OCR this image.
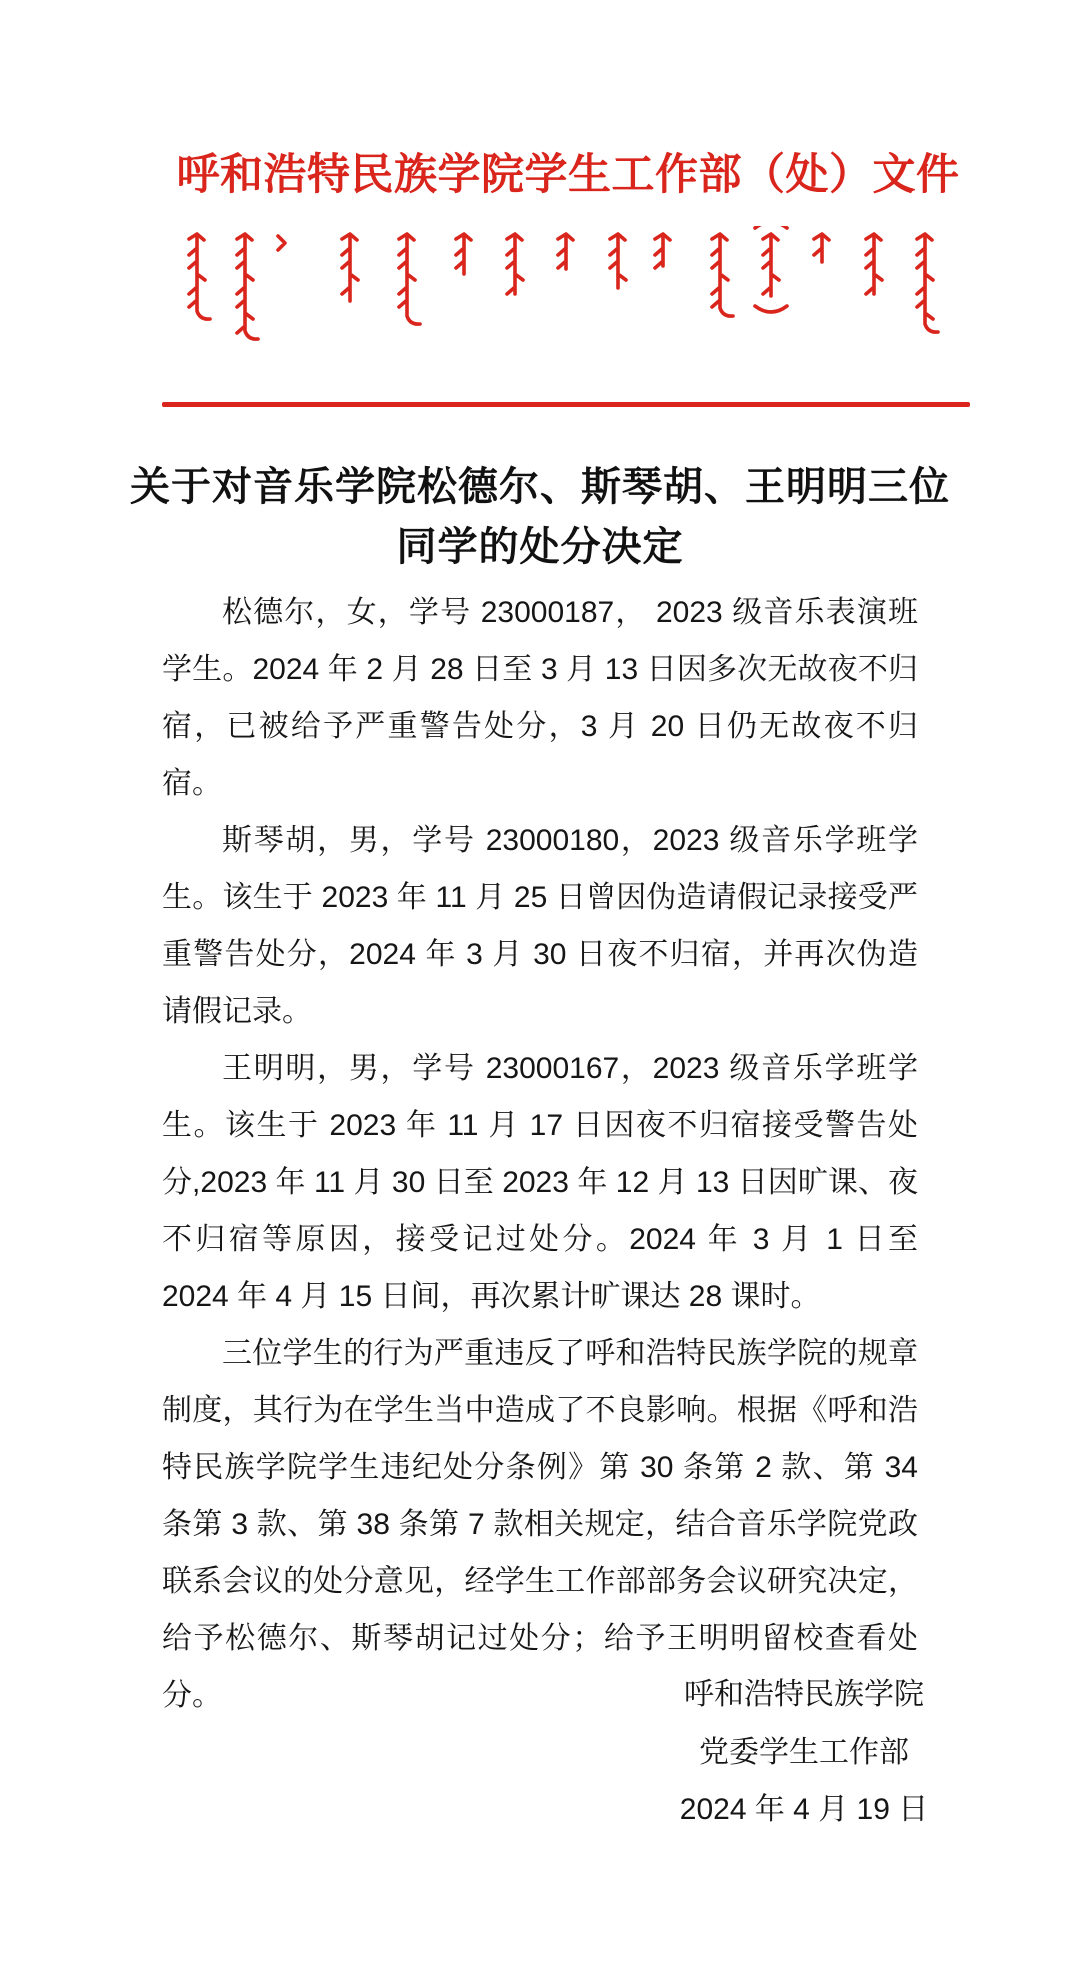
呼和浩特民族学院学生工作部（处）文件
关于对音乐学院松德尔、斯琴胡、王明明三位同学的处分决定

松德尔，女，学号 23000187， 2023 级音乐表演班学生。2024 年 2 月 28 日至 3 月 13 日因多次无故夜不归宿，已被给予严重警告处分，3 月 20 日仍无故夜不归宿。

斯琴胡，男，学号 23000180，2023 级音乐学班学生。该生于 2023 年 11 月 25 日曾因伪造请假记录接受严重警告处分，2024 年 3 月 30 日夜不归宿，并再次伪造请假记录。

王明明，男，学号 23000167，2023 级音乐学班学生。该生于 2023 年 11 月 17 日因夜不归宿接受警告处分,2023 年 11 月 30 日至 2023 年 12 月 13 日因旷课、夜不归宿等原因，接受记过处分。2024 年 3 月 1 日至 2024 年 4 月 15 日间，再次累计旷课达 28 课时。

三位学生的行为严重违反了呼和浩特民族学院的规章制度，其行为在学生当中造成了不良影响。根据《呼和浩特民族学院学生违纪处分条例》第 30 条第 2 款、第 34 条第 3 款、第 38 条第 7 款相关规定，结合音乐学院党政联系会议的处分意见，经学生工作部部务会议研究决定，给予松德尔、斯琴胡记过处分；给予王明明留校查看处分。	呼和浩特民族学院
党委学生工作部
2024 年 4 月 19 日
